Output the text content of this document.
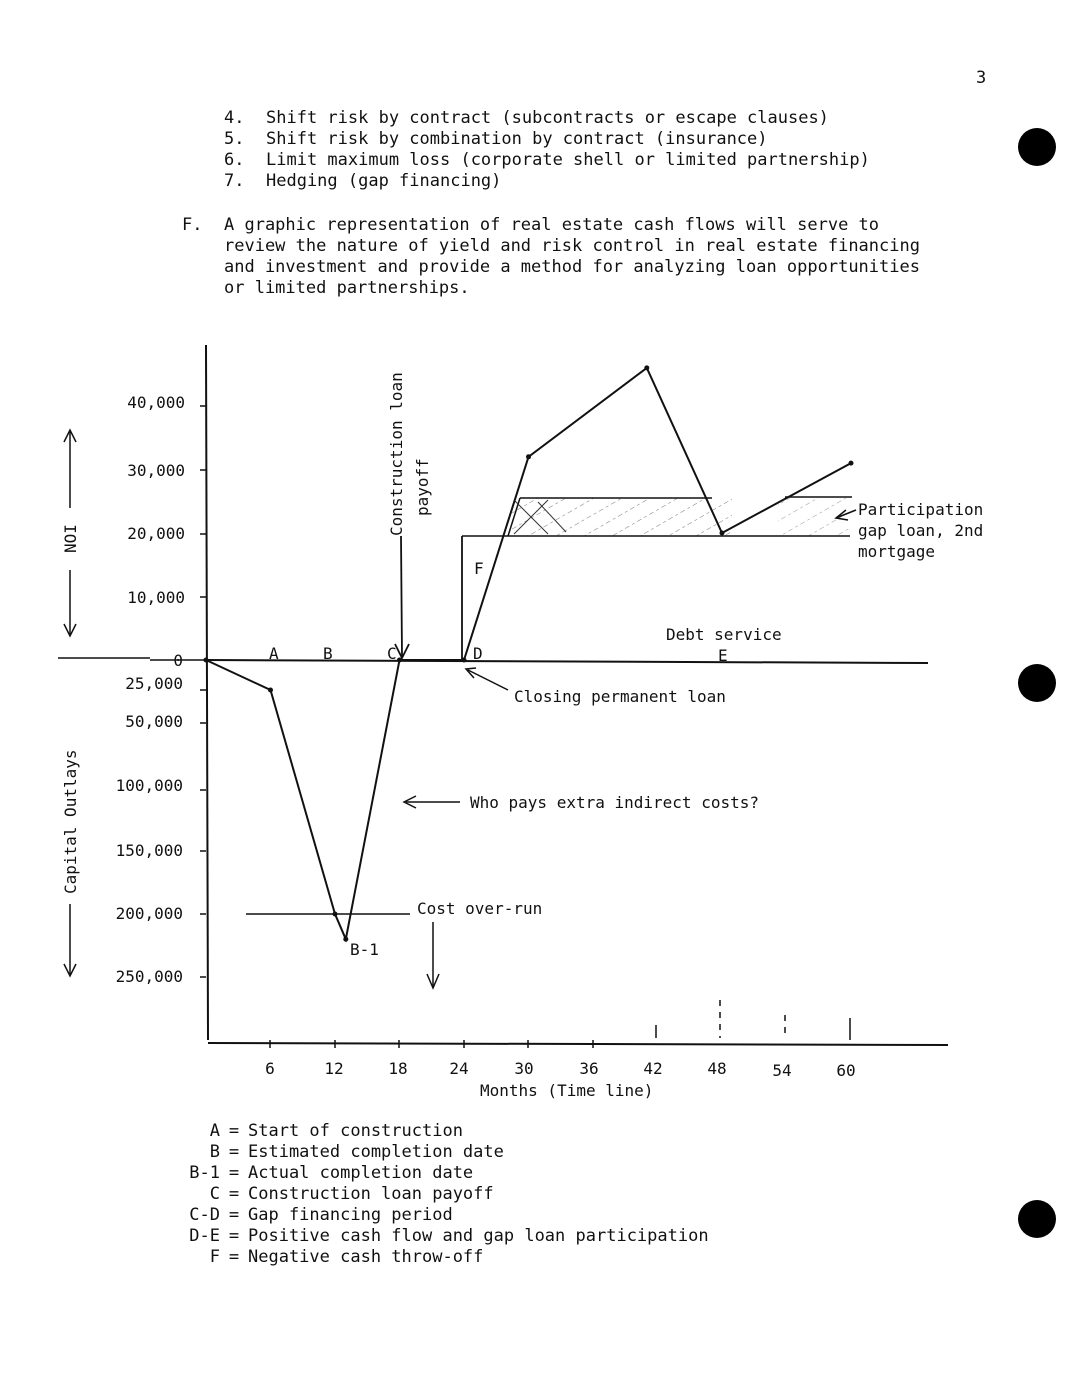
3
4. Shift risk by contract (subcontracts or escape clauses)
5. Shift risk by combination by contract (insurance)
6. Limit maximum loss (corporate shell or limited partnership)
7. Hedging (gap financing)
F. A graphic representation of real estate cash flows will serve to
review the nature of yield and risk control in real estate financing
and investment and provide a method for analyzing loan opportunities
or limited partnerships.
40,000
30,000
20,000
10,000
0
25,000
50,000
100,000
150,000
200,000
250,000
NOI
Capital Outlays
F
Construction loan payoff
A	B	C	D	E
B-1
Participation
gap loan, 2nd
mortgage
Debt service
Closing permanent loan
Who pays extra indirect costs?
Cost over-run
6	12	18	24	30	36	42	48	54	60
Months (Time line)
A = Start of construction
B = Estimated completion date
B-1 = Actual completion date
C = Construction loan payoff
C-D = Gap financing period
D-E = Positive cash flow and gap loan participation
F = Negative cash throw-off
